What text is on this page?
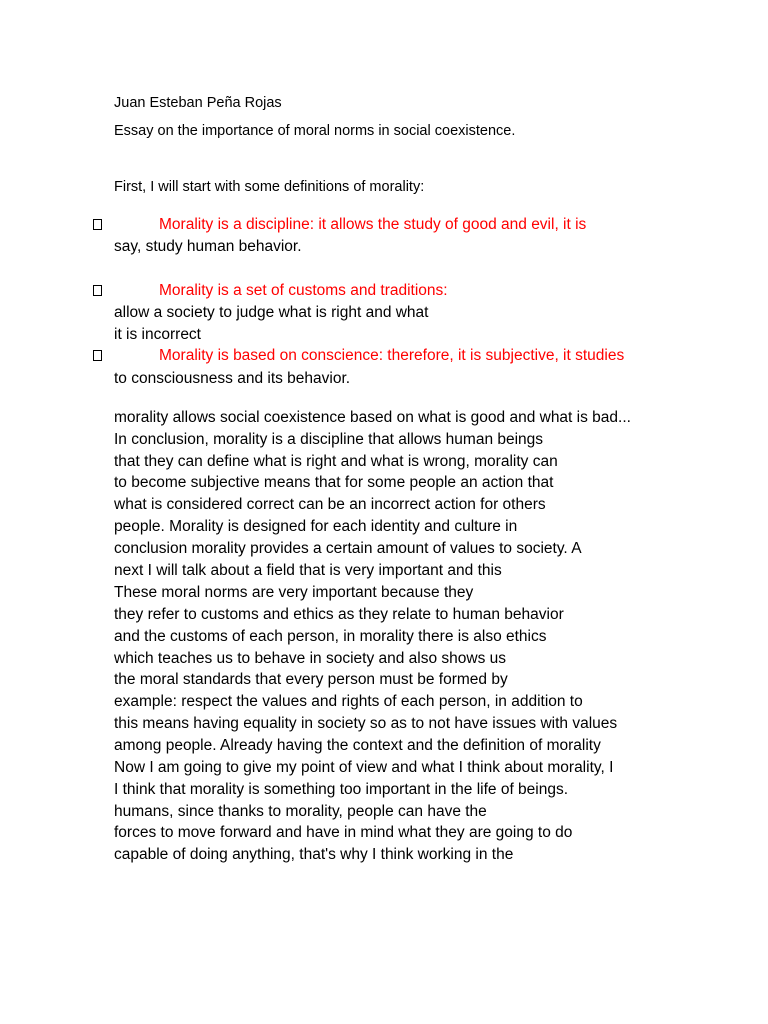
Juan Esteban Peña Rojas
Essay on the importance of moral norms in social coexistence.
First, I will start with some definitions of morality:
Morality is a discipline: it allows the study of good and evil, it is
say, study human behavior.
Morality is a set of customs and traditions:
allow a society to judge what is right and what
it is incorrect
Morality is based on conscience: therefore, it is subjective, it studies
to consciousness and its behavior.
morality allows social coexistence based on what is good and what is bad...
In conclusion, morality is a discipline that allows human beings
that they can define what is right and what is wrong, morality can
to become subjective means that for some people an action that
what is considered correct can be an incorrect action for others
people. Morality is designed for each identity and culture in
conclusion morality provides a certain amount of values to society. A
next I will talk about a field that is very important and this
These moral norms are very important because they
they refer to customs and ethics as they relate to human behavior
and the customs of each person, in morality there is also ethics
which teaches us to behave in society and also shows us
the moral standards that every person must be formed by
example: respect the values and rights of each person, in addition to
this means having equality in society so as to not have issues with values
among people. Already having the context and the definition of morality
Now I am going to give my point of view and what I think about morality, I
I think that morality is something too important in the life of beings.
humans, since thanks to morality, people can have the
forces to move forward and have in mind what they are going to do
capable of doing anything, that's why I think working in the
